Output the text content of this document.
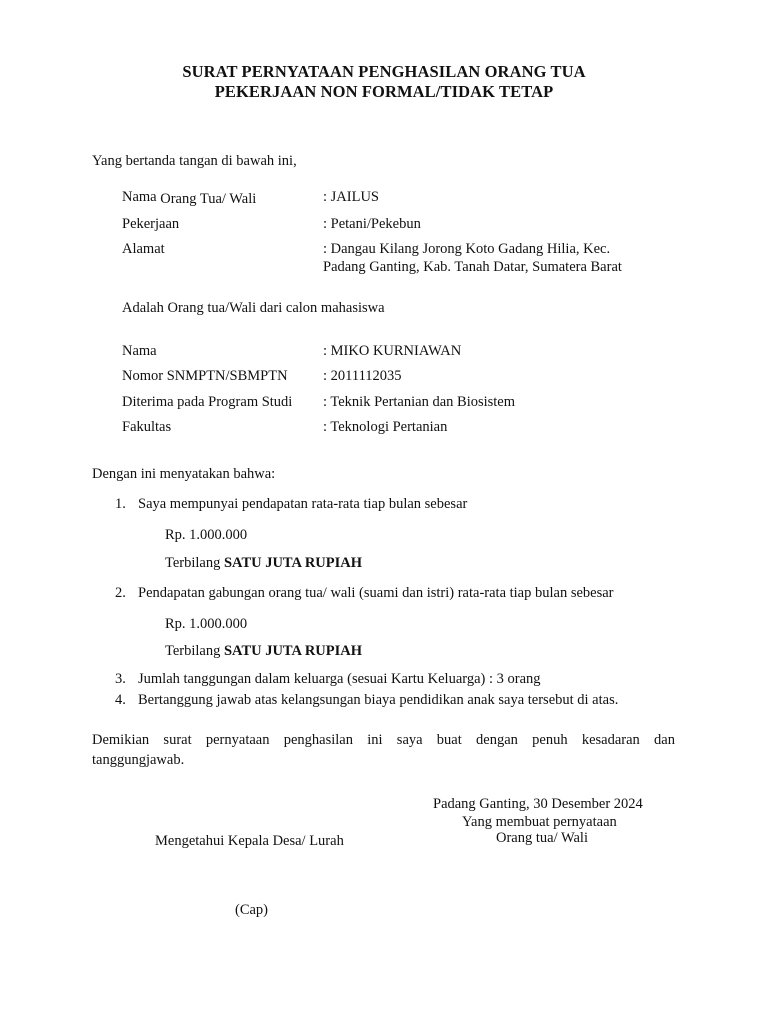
SURAT PERNYATAAN PENGHASILAN ORANG TUA
PEKERJAAN NON FORMAL/TIDAK TETAP
Yang bertanda tangan di bawah ini,
Nama Orang Tua/ Wali	: JAILUS
Pekerjaan	: Petani/Pekebun
Alamat	: Dangau Kilang Jorong Koto Gadang Hilia, Kec.
Padang Ganting, Kab. Tanah Datar, Sumatera Barat
Adalah Orang tua/Wali dari calon mahasiswa
Nama	: MIKO KURNIAWAN
Nomor SNMPTN/SBMPTN : 2011112035
Diterima pada Program Studi : Teknik Pertanian dan Biosistem
Fakultas	: Teknologi Pertanian
Dengan ini menyatakan bahwa:
1. Saya mempunyai pendapatan rata-rata tiap bulan sebesar
Rp. 1.000.000
Terbilang SATU JUTA RUPIAH
2. Pendapatan gabungan orang tua/ wali (suami dan istri) rata-rata tiap bulan sebesar
Rp. 1.000.000
Terbilang SATU JUTA RUPIAH
3. Jumlah tanggungan dalam keluarga (sesuai Kartu Keluarga) : 3 orang
4. Bertanggung jawab atas kelangsungan biaya pendidikan anak saya tersebut di atas.
Demikian surat pernyataan penghasilan ini saya buat dengan penuh kesadaran dan
tanggungjawab.
Padang Ganting, 30 Desember 2024
Yang membuat pernyataan
Orang tua/ Wali
Mengetahui Kepala Desa/ Lurah
(Cap)
